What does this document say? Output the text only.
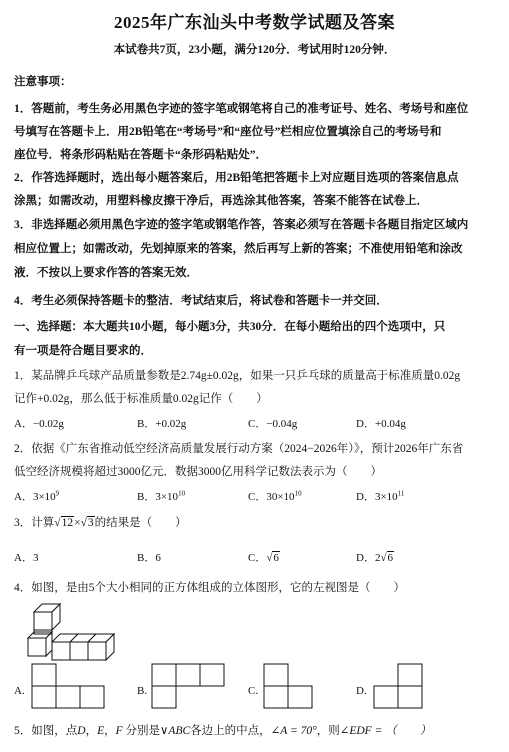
2025年广东汕头中考数学试题及答案
本试卷共7页，23小题，满分120分．考试用时120分钟．
注意事项：
1．答题前，考生务必用黑色字迹的签字笔或钢笔将自己的准考证号、姓名、考场号和座位
号填写在答题卡上．用2B铅笔在“考场号”和“座位号”栏相应位置填涂自己的考场号和
座位号．将条形码粘贴在答题卡“条形码粘贴处”．
2．作答选择题时，选出每小题答案后，用2B铅笔把答题卡上对应题目选项的答案信息点
涂黑；如需改动，用塑料橡皮擦干净后，再选涂其他答案，答案不能答在试卷上．
3．非选择题必须用黑色字迹的签字笔或钢笔作答，答案必须写在答题卡各题目指定区域内
相应位置上；如需改动，先划掉原来的答案，然后再写上新的答案；不准使用铅笔和涂改
液．不按以上要求作答的答案无效．
4．考生必须保持答题卡的整洁．考试结束后，将试卷和答题卡一并交回．
一、选择题：本大题共10小题，每小题3分，共30分．在每小题给出的四个选项中，只
有一项是符合题目要求的．
1．某品牌乒乓球产品质量参数是2.74g±0.02g，如果一只乒乓球的质量高于标准质量0.02g
记作+0.02g，那么低于标准质量0.02g记作（　　）
A．−0.02g	B．+0.02g	C．−0.04g	D．+0.04g
2．依据《广东省推动低空经济高质量发展行动方案（2024−2026年）》，预计2026年广东省
低空经济规模将超过3000亿元．数据3000亿用科学记数法表示为（　　）
A．$3\times 10^9$	B．$3\times 10^{10}$	C．$30\times 10^{10}$	D．$3\times 10^{11}$
3．计算√12×√3的结果是（　　）
A．3	B．6	C．√6	D．2√6
4．如图，是由5个大小相同的正方体组成的立体图形，它的左视图是（　　）
A.	B.	C.	D.
5．如图，点D，E，F 分别是∨ABC各边上的中点，∠A = 70°，则∠EDF = （　　）
